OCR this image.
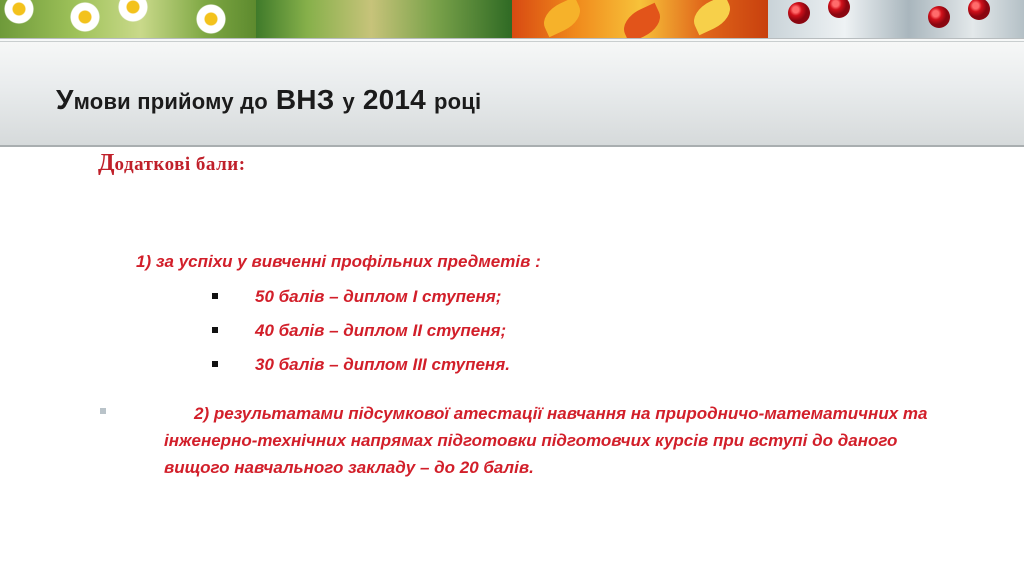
Умови прийому до ВНЗ у 2014 році
Додаткові бали:
1) за успіхи у вивченні профільних предметів :
50 балів – диплом І ступеня;
40 балів – диплом ІІ ступеня;
30 балів – диплом ІІІ ступеня.
2) результатами підсумкової атестації навчання на природничо-математичних та інженерно-технічних напрямах підготовки підготовчих курсів при вступі до даного вищого навчального закладу – до 20 балів.
